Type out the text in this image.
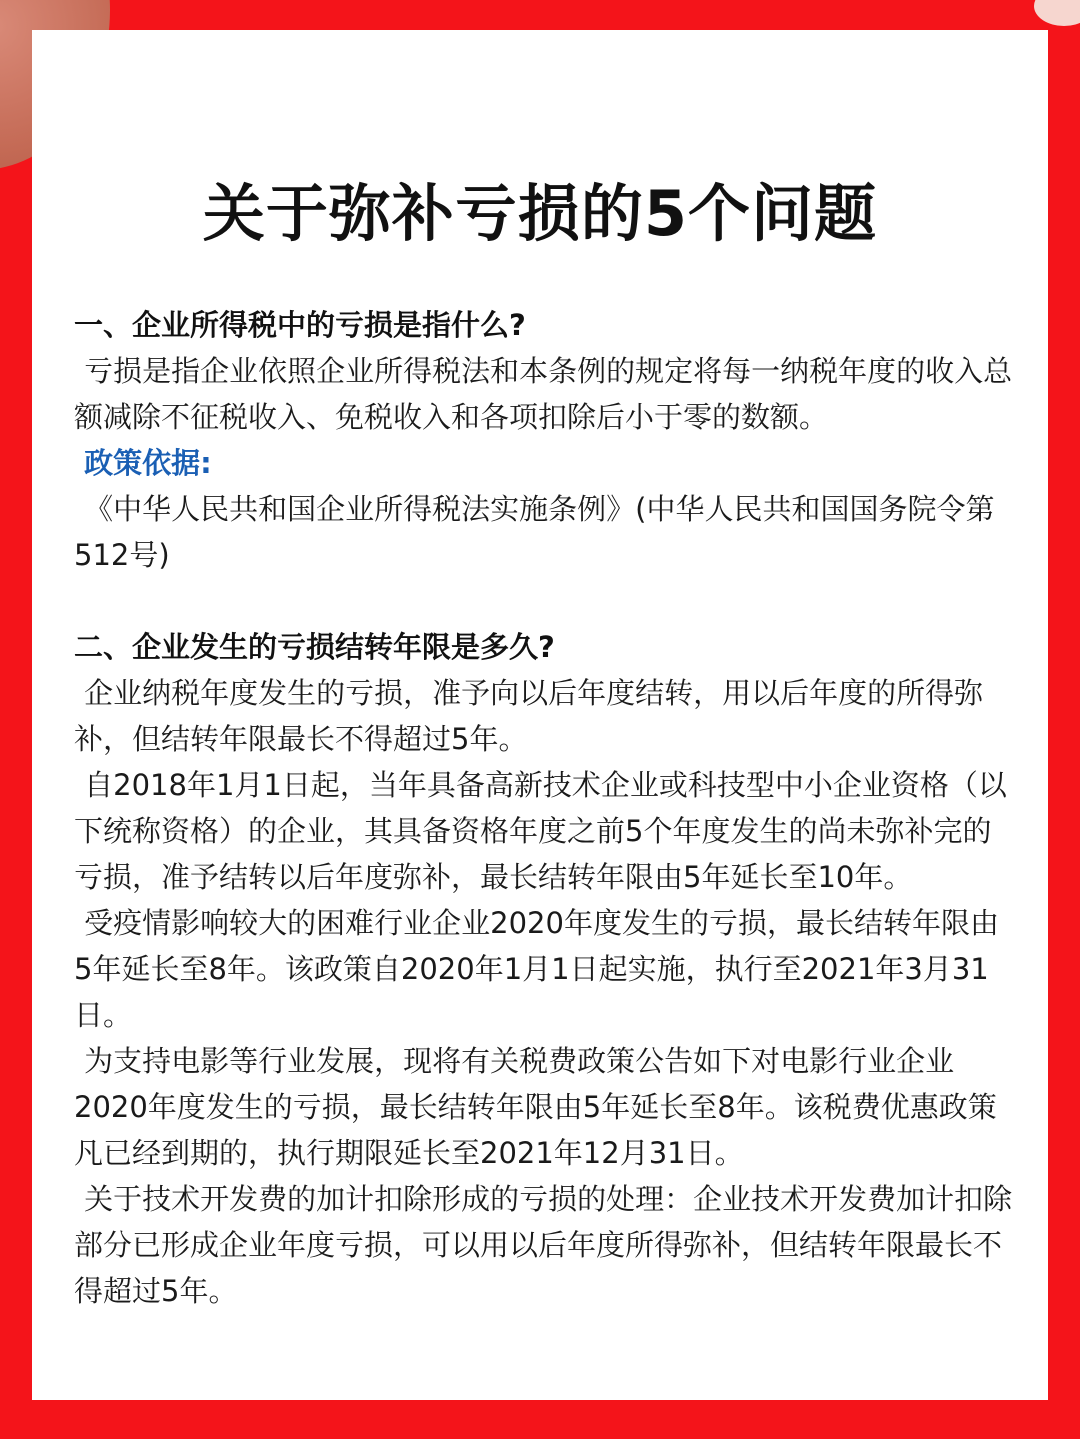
关于弥补亏损的5个问题

一、企业所得税中的亏损是指什么?

亏损是指企业依照企业所得税法和本条例的规定将每一纳税年度的收入总额减除不征税收入、免税收入和各项扣除后小于零的数额。

政策依据:

《中华人民共和国企业所得税法实施条例》(中华人民共和国国务院令第512号)

二、企业发生的亏损结转年限是多久?

企业纳税年度发生的亏损，准予向以后年度结转，用以后年度的所得弥补，但结转年限最长不得超过5年。

自2018年1月1日起，当年具备高新技术企业或科技型中小企业资格（以下统称资格）的企业，其具备资格年度之前5个年度发生的尚未弥补完的亏损，准予结转以后年度弥补，最长结转年限由5年延长至10年。

受疫情影响较大的困难行业企业2020年度发生的亏损，最长结转年限由5年延长至8年。该政策自2020年1月1日起实施，执行至2021年3月31日。

为支持电影等行业发展，现将有关税费政策公告如下对电影行业企业2020年度发生的亏损，最长结转年限由5年延长至8年。该税费优惠政策凡已经到期的，执行期限延长至2021年12月31日。

关于技术开发费的加计扣除形成的亏损的处理：企业技术开发费加计扣除部分已形成企业年度亏损，可以用以后年度所得弥补，但结转年限最长不得超过5年。
